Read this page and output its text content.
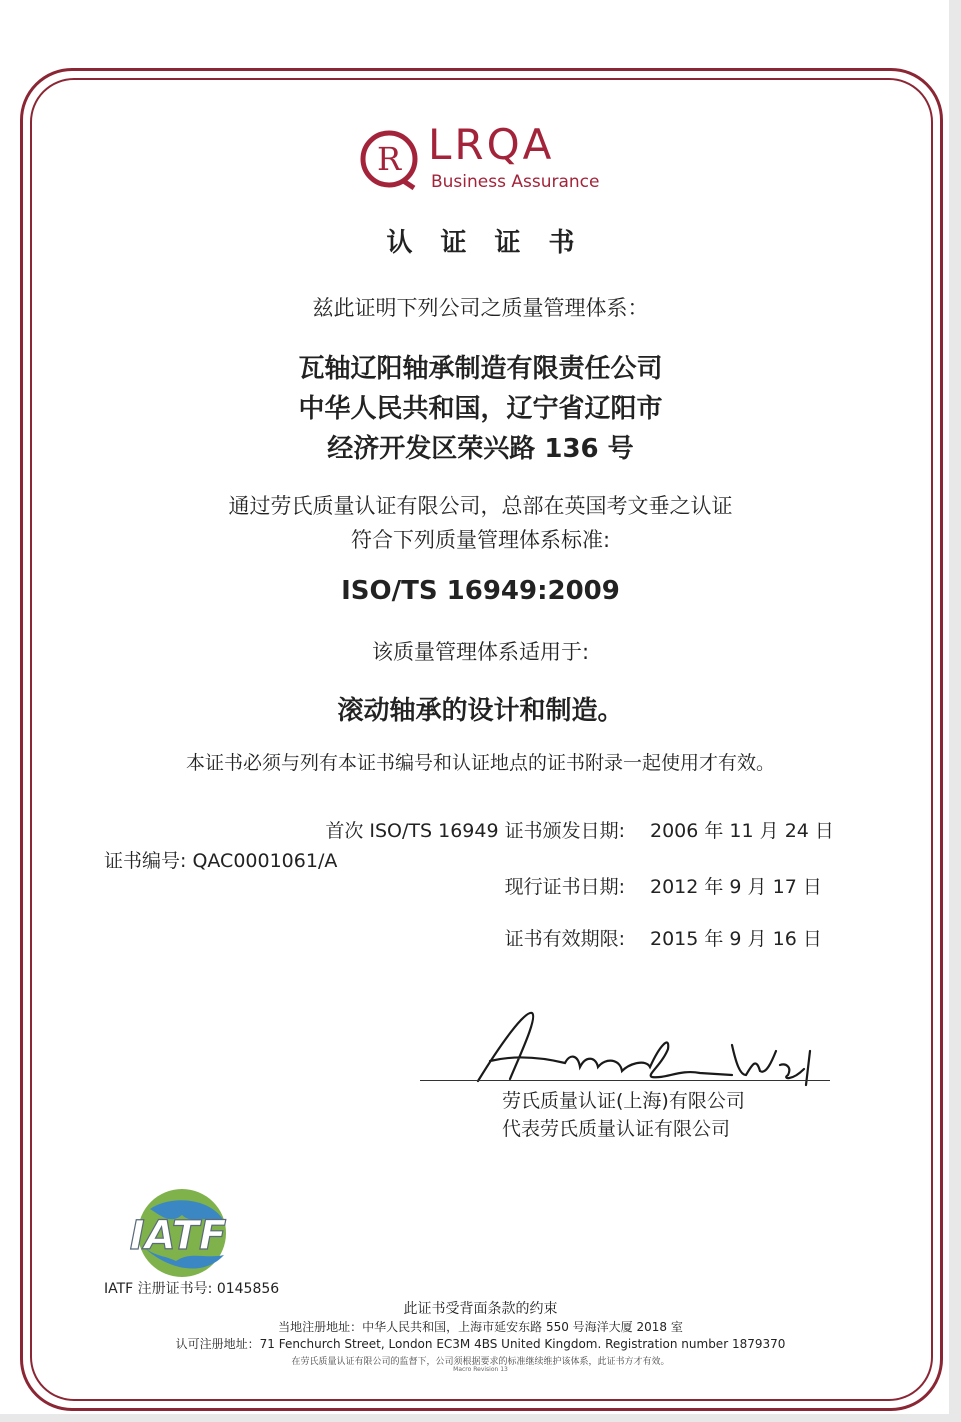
R LRQA
Business Assurance
认证证书
兹此证明下列公司之质量管理体系：
瓦轴辽阳轴承制造有限责任公司
中华人民共和国，辽宁省辽阳市
经济开发区荣兴路 136 号
通过劳氏质量认证有限公司，总部在英国考文垂之认证
符合下列质量管理体系标准:
ISO/TS 16949:2009
该质量管理体系适用于:
滚动轴承的设计和制造。
本证书必须与列有本证书编号和认证地点的证书附录一起使用才有效。
首次 ISO/TS 16949 证书颁发日期: 2006 年 11 月 24 日
证书编号: QAC0001061/A
现行证书日期: 2012 年 9 月 17 日
证书有效期限: 2015 年 9 月 16 日
劳氏质量认证(上海)有限公司
代表劳氏质量认证有限公司
IATF
IATF 注册证书号: 0145856
此证书受背面条款的约束
当地注册地址：中华人民共和国，上海市延安东路 550 号海洋大厦 2018 室
认可注册地址：71 Fenchurch Street, London EC3M 4BS United Kingdom. Registration number 1879370
在劳氏质量认证有限公司的监督下，公司须根据要求的标准继续维护该体系，此证书方才有效。
Macro Revision 13
